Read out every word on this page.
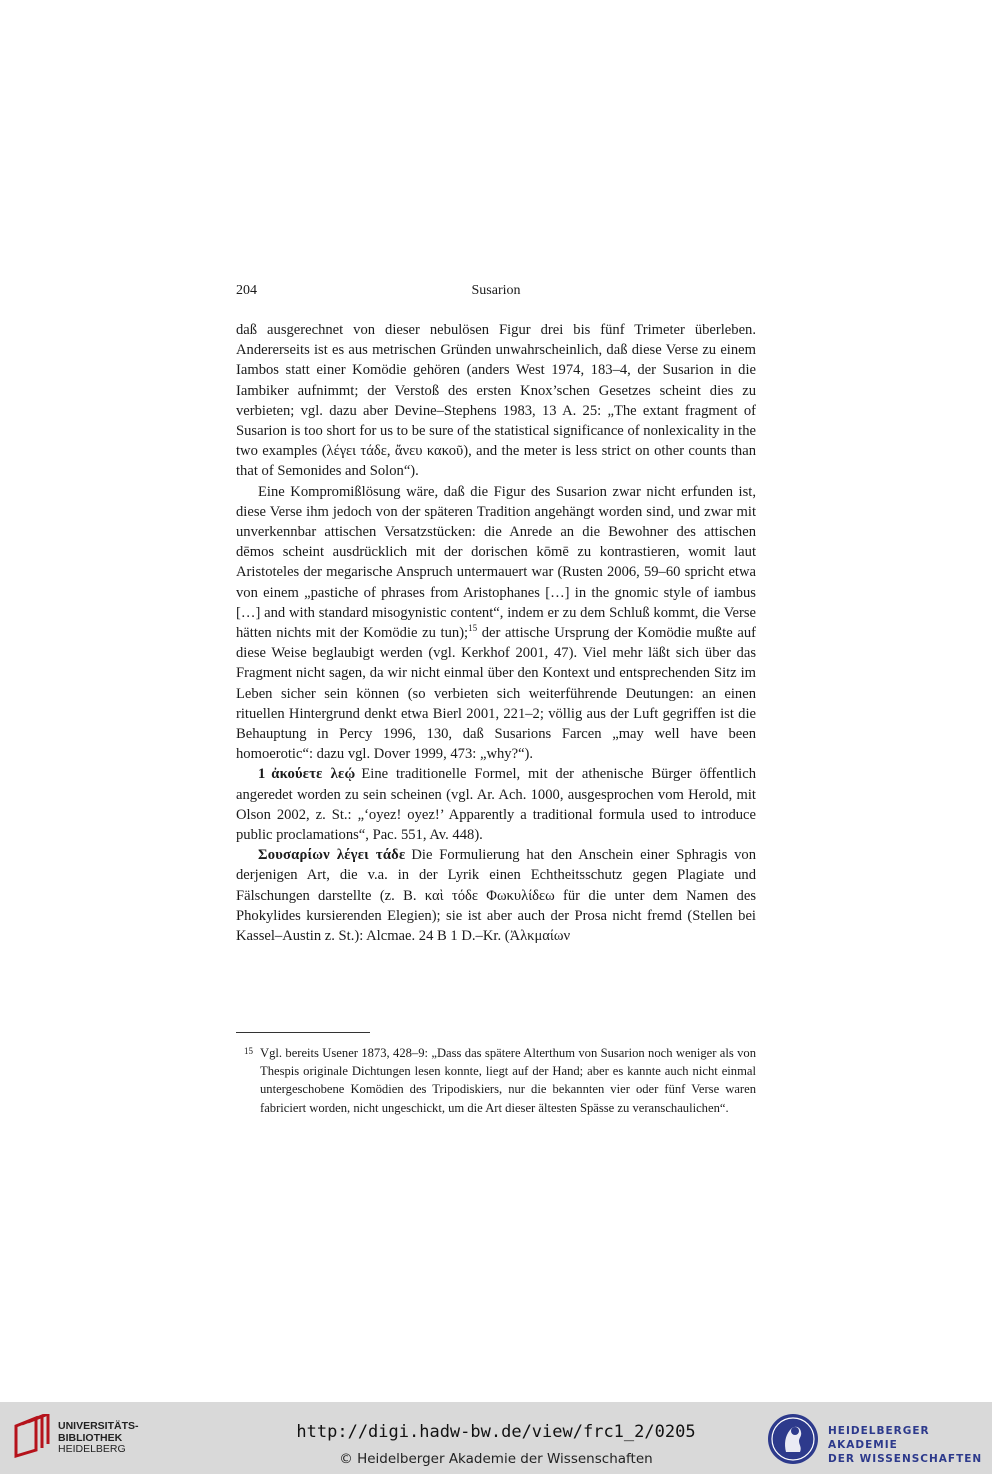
204	Susarion

daß ausgerechnet von dieser nebulösen Figur drei bis fünf Trimeter überleben. Andererseits ist es aus metrischen Gründen unwahrscheinlich, daß diese Verse zu einem Iambos statt einer Komödie gehören (anders West 1974, 183–4, der Susarion in die Iambiker aufnimmt; der Verstoß des ersten Knox’schen Gesetzes scheint dies zu verbieten; vgl. dazu aber Devine–Stephens 1983, 13 A. 25: „The extant fragment of Susarion is too short for us to be sure of the statistical significance of nonlexicality in the two examples (λέγει τάδε, ἄνευ κακοῦ), and the meter is less strict on other counts than that of Semonides and Solon“).

Eine Kompromißlösung wäre, daß die Figur des Susarion zwar nicht erfunden ist, diese Verse ihm jedoch von der späteren Tradition angehängt worden sind, und zwar mit unverkennbar attischen Versatzstücken: die Anrede an die Bewohner des attischen dēmos scheint ausdrücklich mit der dorischen kōmē zu kontrastieren, womit laut Aristoteles der megarische Anspruch untermauert war (Rusten 2006, 59–60 spricht etwa von einem „pastiche of phrases from Aristophanes […] in the gnomic style of iambus […] and with standard misogynistic content“, indem er zu dem Schluß kommt, die Verse hätten nichts mit der Komödie zu tun);$^{15}$ der attische Ursprung der Komödie mußte auf diese Weise beglaubigt werden (vgl. Kerkhof 2001, 47). Viel mehr läßt sich über das Fragment nicht sagen, da wir nicht einmal über den Kontext und entsprechenden Sitz im Leben sicher sein können (so verbieten sich weiterführende Deutungen: an einen rituellen Hintergrund denkt etwa Bierl 2001, 221–2; völlig aus der Luft gegriffen ist die Behauptung in Percy 1996, 130, daß Susarions Farcen „may well have been homoerotic“: dazu vgl. Dover 1999, 473: „why?“).

1 ἀκούετε λεῴ Eine traditionelle Formel, mit der athenische Bürger öffentlich angeredet worden zu sein scheinen (vgl. Ar. Ach. 1000, ausgesprochen vom Herold, mit Olson 2002, z. St.: „‘oyez! oyez!’ Apparently a traditional formula used to introduce public proclamations“, Pac. 551, Av. 448).

Σουσαρίων λέγει τάδε Die Formulierung hat den Anschein einer Sphragis von derjenigen Art, die v.a. in der Lyrik einen Echtheitsschutz gegen Plagiate und Fälschungen darstellte (z. B. καὶ τόδε Φωκυλίδεω für die unter dem Namen des Phokylides kursierenden Elegien); sie ist aber auch der Prosa nicht fremd (Stellen bei Kassel–Austin z. St.): Alcmae. 24 B 1 D.–Kr. (Ἀλκμαίων

15 Vgl. bereits Usener 1873, 428–9: „Dass das spätere Alterthum von Susarion noch weniger als von Thespis originale Dichtungen lesen konnte, liegt auf der Hand; aber es kannte auch nicht einmal untergeschobene Komödien des Tripodiskiers, nur die bekannten vier oder fünf Verse waren fabriciert worden, nicht ungeschickt, um die Art dieser ältesten Spässe zu veranschaulichen“.
UNIVERSITÄTS-
BIBLIOTHEK
HEIDELBERG
http://digi.hadw-bw.de/view/frc1_2/0205
© Heidelberger Akademie der Wissenschaften
HEIDELBERGER AKADEMIE
DER WISSENSCHAFTEN
